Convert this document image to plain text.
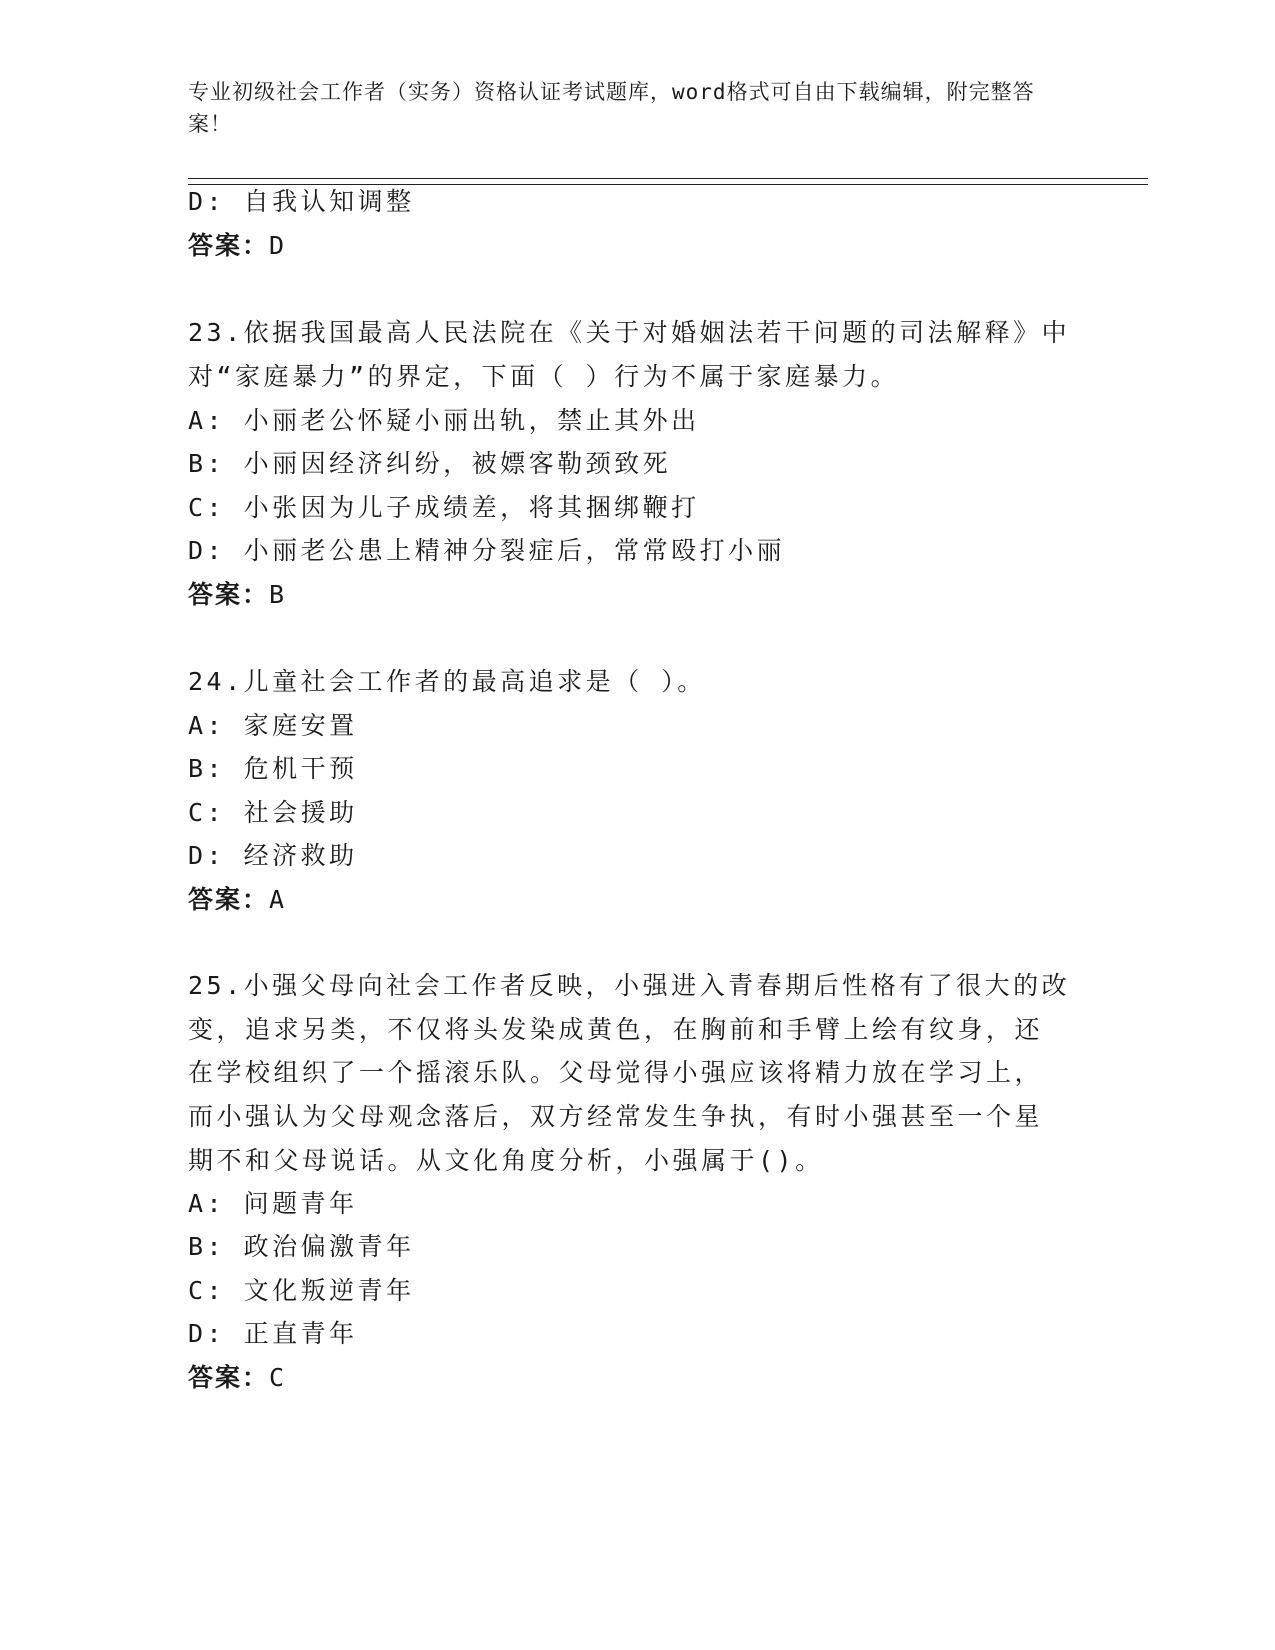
专业初级社会工作者（实务）资格认证考试题库，word格式可自由下载编辑，附完整答案！
D: 自我认知调整
答案：D
23.依据我国最高人民法院在《关于对婚姻法若干问题的司法解释》中
对“家庭暴力”的界定，下面（ ）行为不属于家庭暴力。
A: 小丽老公怀疑小丽出轨，禁止其外出
B: 小丽因经济纠纷，被嫖客勒颈致死
C: 小张因为儿子成绩差，将其捆绑鞭打
D: 小丽老公患上精神分裂症后，常常殴打小丽
答案：B
24.儿童社会工作者的最高追求是（ ）。
A: 家庭安置
B: 危机干预
C: 社会援助
D: 经济救助
答案：A
25.小强父母向社会工作者反映，小强进入青春期后性格有了很大的改
变，追求另类，不仅将头发染成黄色，在胸前和手臂上绘有纹身，还
在学校组织了一个摇滚乐队。父母觉得小强应该将精力放在学习上，
而小强认为父母观念落后，双方经常发生争执，有时小强甚至一个星
期不和父母说话。从文化角度分析，小强属于()。
A: 问题青年
B: 政治偏激青年
C: 文化叛逆青年
D: 正直青年
答案：C
